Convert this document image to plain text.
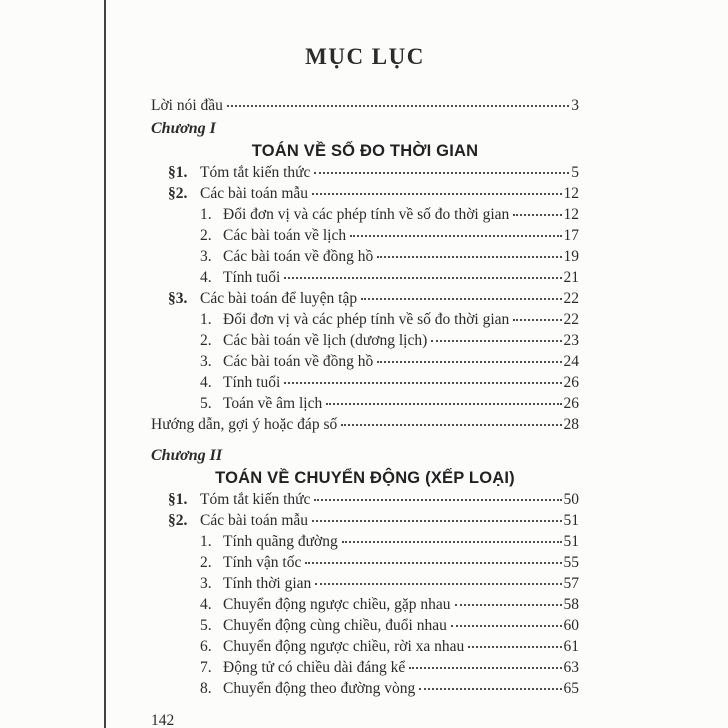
MỤC LỤC
Lời nói đầu	3
Chương I
TOÁN VỀ SỐ ĐO THỜI GIAN
§1. Tóm tắt kiến thức	5
§2. Các bài toán mẫu	12
1. Đổi đơn vị và các phép tính về số đo thời gian	12
2. Các bài toán về lịch	17
3. Các bài toán về đồng hồ	19
4. Tính tuổi	21
§3. Các bài toán để luyện tập	22
1. Đổi đơn vị và các phép tính về số đo thời gian	22
2. Các bài toán về lịch (dương lịch)	23
3. Các bài toán về đồng hồ	24
4. Tính tuổi	26
5. Toán về âm lịch	26
Hướng dẫn, gợi ý hoặc đáp số	28
Chương II
TOÁN VỀ CHUYỂN ĐỘNG (XẾP LOẠI)
§1. Tóm tắt kiến thức	50
§2. Các bài toán mẫu	51
1. Tính quãng đường	51
2. Tính vận tốc	55
3. Tính thời gian	57
4. Chuyển động ngược chiều, gặp nhau	58
5. Chuyển động cùng chiều, đuổi nhau	60
6. Chuyển động ngược chiều, rời xa nhau	61
7. Động tử có chiều dài đáng kể	63
8. Chuyển động theo đường vòng	65
142
